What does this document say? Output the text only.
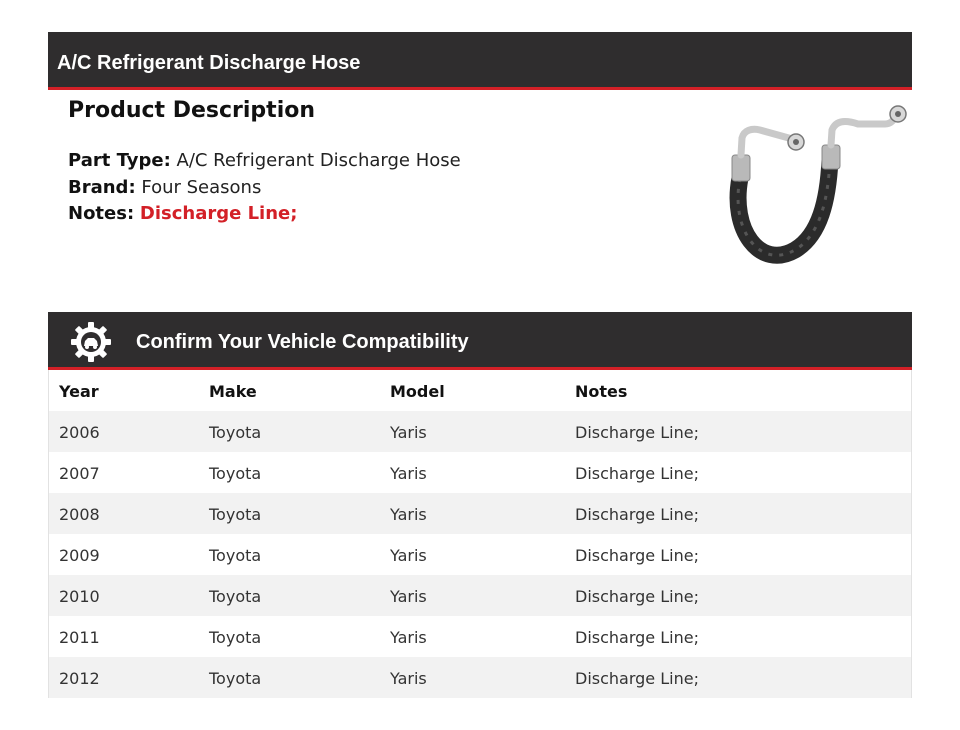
A/C Refrigerant Discharge Hose
Product Description
Part Type: A/C Refrigerant Discharge Hose
Brand: Four Seasons
Notes: Discharge Line;
Confirm Your Vehicle Compatibility
Year	Make	Model	Notes
2006	Toyota	Yaris	Discharge Line;
2007	Toyota	Yaris	Discharge Line;
2008	Toyota	Yaris	Discharge Line;
2009	Toyota	Yaris	Discharge Line;
2010	Toyota	Yaris	Discharge Line;
2011	Toyota	Yaris	Discharge Line;
2012	Toyota	Yaris	Discharge Line;
